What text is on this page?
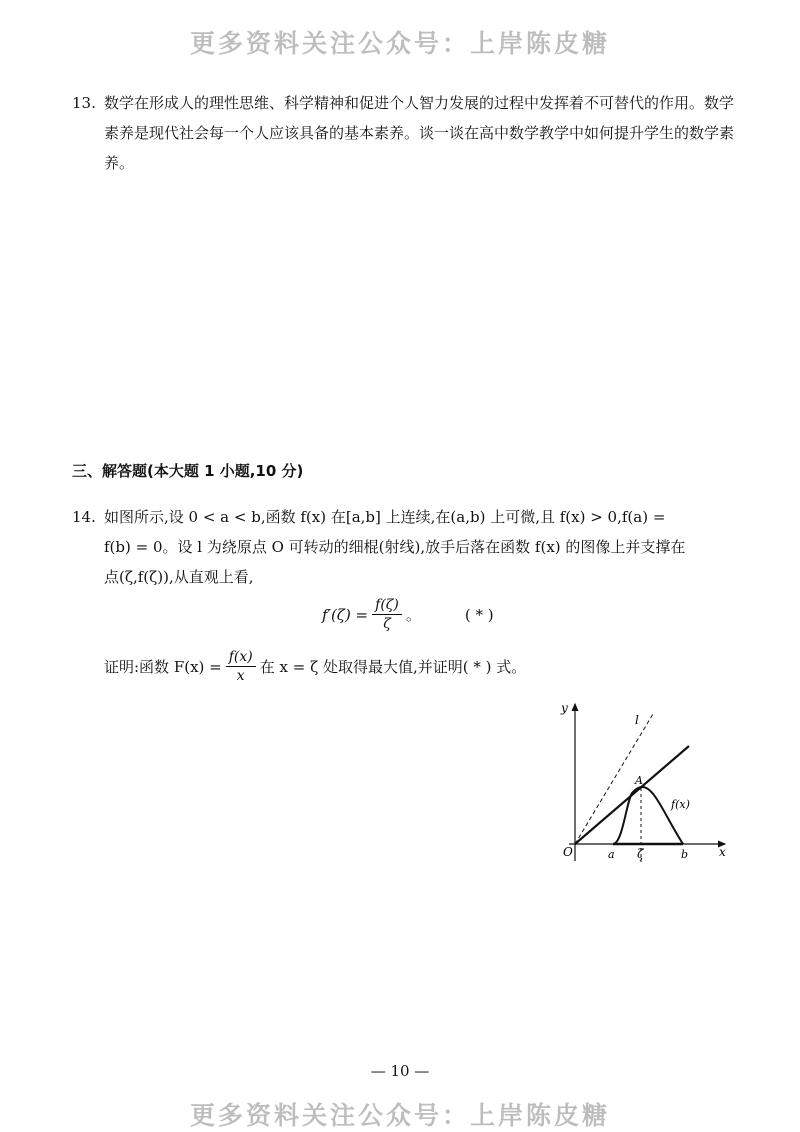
更多资料关注公众号：上岸陈皮糖
13. 数学在形成人的理性思维、科学精神和促进个人智力发展的过程中发挥着不可替代的作用。数学素养是现代社会每一个人应该具备的基本素养。谈一谈在高中数学教学中如何提升学生的数学素养。
三、解答题(本大题 1 小题,10 分)
14. 如图所示,设 0 < a < b,函数 f(x) 在[a,b] 上连续,在(a,b) 上可微,且 f(x) > 0,f(a) =
f(b) = 0。设 l 为绕原点 O 可转动的细棍(射线),放手后落在函数 f(x) 的图像上并支撑在
点(ζ,f(ζ)),从直观上看,
$f'(\zeta) = \frac{f(\zeta)}{\zeta}$ 。	( * )
证明:函数 $F(x) = \frac{f(x)}{x}$ 在 x = ζ 处取得最大值,并证明( * ) 式。
y
x
O
l
A
f(x)
a ζ	b
— 10 —
更多资料关注公众号：上岸陈皮糖
